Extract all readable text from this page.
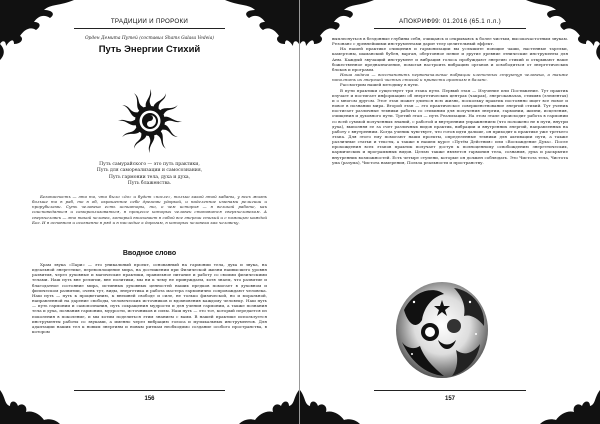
ТРАДИЦИИ И ПРОРОКИ
Орден Демита Путей (составил Shams Galasa Vedeia)
Путь Энергии Стихий
Путь самурайского — это путь практики,
Путь для самореализации и самосознания,
Путь гармонии тела, духа и духа,
Путь блаженства.

Безопасность — это то, что было «до» и будет «после», только какой этой кабаны, у всех жизнь больше то в раб, то в об, окрашенное себе дрегами ударкой, и наделенное именами религиии и прорубилами. Суть человека есть испиаторы, то, о чем история — в великой работе, как соисповедаться и самореализоваться, в процессе которых человек становится сверхчеловеком. А сверхчеловек — это такой человек, который вписывает в собой все энергии стихий и с помощью каждой Бог. И в основном и осознанно в ряд и в наследие к дорогам, в которых человека как человеку.

Вводное слово

Храм звука «Пари» — это уникальный проект, основанный на гармонии тела, духа и звука, на идеальной энергетике, перевоплощение мира, на достижении при Физической жизни наивысшего уровня развития, через духовные и магические практики, правильное питание и работу со своими физическими телами. Наш путь вне религии, вне политики, мы ни к чему не принуждаем, хотя знаем, что развитие и благодатное состояние мира, истинных духовных ценностей наших предков помогает в духовном и физическом развитии, очень тут, виды, энергетика и работа мастера гармонично сопровождают человека. Наш путь — путь к процветанию, к внешней свободе и силе, не только физической, но и моральной, направленной на дарение свободы, человеческих источников и вдохновения каждому человеку. Наш путь — путь гармонии и самопознания, путь сокращения мудрости и для учения гармонии, а также познания тела и духа, познания гармонии, мудрости, источников и силы. Наш путь — это тот, который передается из поколения в поколение, и мы хотим поделиться этим знанием с вами. В нашей практике используется инструменты работы со звуками, а именно через вибрацию голоса и музыкальных инструментов. Для адаптации наших тел к новым энергиям и новым ритмам необходимо создание особого пространства, в котором

156
АПОКРИФ99: 01.2016 (65.1 п.л.)

выплеснуться в бездонные глубины себя, очищаясь и открываясь к более чистым, высокочастотным звукам. Резонанс с древнейшими инструментами дарит телу целительный эффект.

На нашей практике очищения и гармонизации вы услышите поющие чаши, настенные тарелки, камертоны, шаманский бубен, варган, обертонное пение и другие древние этнические инструменты для Анм. Каждый звучащий инструмент и вибрация голоса пробуждают энергию стихий и открывают наше божественное предназначение, помогая настроить вибрацию органов и освободиться от энергетических блоков и программ.

Наша задача — восстановить первоначальные вибрации клеточных структур человека, а также наполнить их энергией чистых стихий и привести организм в баланс.

Рассмотрим нашей методику в пути.

В пути практики существует три этапа пути. Первый этап — Изучение или Постижение. Тут практик изучает и постигает информацию об энергетических центрах (чакрах), энергоканалах, стихиях (элементах) и о многом другом. Этот этап может длиться всю жизнь, поскольку практик постоянно ищет все новое и новое в познании мира. Второй этап — это практическое совершенствование энергий стихий. Тут ученик постигает различные техники работы со стихиями для получения энергии, гармонии, жизни, исцеления, очищения и духовного пути. Третий этап — путь Реализации. На этом этапе происходит работа в гармонии со всей суммой полученных знаний, с работой и внутренним упражнением (что положено не в пути, внутри духа), выполняя ее за счет различных видов практик, вибрации и внутренних энергий, направленных на работу с внутренним. Когда ученик чувствует, что готов идти дальше, он приходит к практике уже третьего этапа. Для этого ему помогают наши проекты, определенные техники для активации пути, а также различные статьи и тексты, а также в нашем курсе «Путём Действия» или «Восхождение Духа». После прохождения всех этапов практик получает доступ к полноценному освобождению энергетических, кармических и программных видов. Целью также является гармония тела, сознания, духа и раскрытие внутренних возможностей. Есть четыре ступени, которые он должен соблюдать. Это Чистота тела, Чистота ума (разума), Чистота намерения, Польза реальности и пространству.

157
